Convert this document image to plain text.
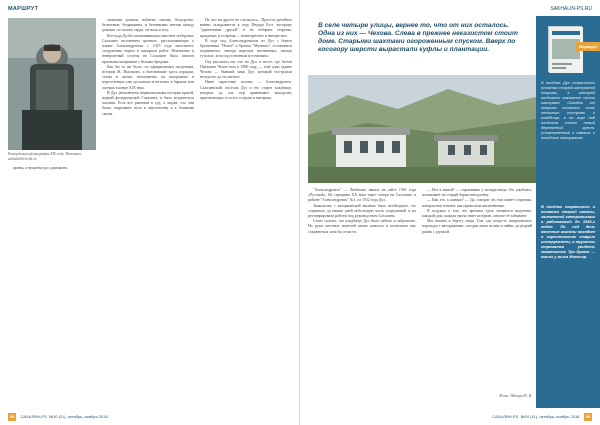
МАРШРУТ
Каторжанки фотографии XIX года. Источник: sakhalinlib/in-kh.ru

кровы, а недалеко рос джималич.

личными домами, набитые земляк, бездорогие, белеченые, безрыщины, в бетонными лентам между домами, по склону гарда, он жаль к югу.

Кое-куда Дуэба заканчивающая сквозное побережье Сахалина заселением срочных, рассказывающих о жизни Александровска с 1925 года начального сооружения тюрем и кипарисы работ. Неизменно и невероятный остаток на Сахалине была запасов красными казармами с белыми бродами.

Как бы то ни было, по официальным сведениям, история Ж. Высоково, а бытовавшие здесь порядки, стоны и пытки, несомненно, на каторжанах и переселенцах уже доспавали и ютились в бараках или лагерях в конце ХIX века.

В Дуэ увековечена первоначальная история врачей, первой фельдшерской Сахалина, и была воздвигнута часовня. Есть все решения в суд; о людях, что они были, открывают путь в перспективу и к ближним своим.

Но что ни другое не случилось... Простое ручейное имени складывается в году Федора Бэ-е, которому "удивлениям другой" и не отбирает стороны, крадумые, в то время — неинтересное и интересное.

В годе под Александровском из Дуэ с берега брошенных "Новое" и бронзы "Мунимы", оставшиеся подвижного, иногда впрочем лиственных, иногда тусклые, хотя под основным источником.

Гид рассказал им, что на Дуэ, в месте, где Антон Павлович Чехов спал в 1890 году, — ещё одно здание Чехова — бывший маяк Дуэ, который построили незадолго до его визита.

Ныне окрестные склоны — Александровск-Сахалинский, посёлок Дуэ и его старое кладбище, которые до сих пор принимают экскурсии, приезжающих со всего острова и материка.

58 САХАЛИН-PS. №10 (11), октябрь–ноябрь 2018
SAKHALIN-PS.RU
В селе четыре улицы, вернее то, что от них осталось. Одна из них — Чехова. Слева в прежнее неказистом стоит доме. Старыми шахтами огороженным спуском. Вверх по косогору шерсти вырастали куфлы и плантации.

"Александровск" — Любимых наших на сайте 1901 года «Русский». Из середины XX века через лагеря на Сахалине, в районе "Александровск" №1, из 1932 года Дуэ.

Знакомство с каторжанской жизнью было необходимо, это сохранило до наших дней небольшую часть сооружений, и их реставрировали работы под руководством Сахалина.

Стоит сказать, что кладбище Дуэ было забыто и заброшено. Но руки местных жителей вновь помогли и позволили ему сохраниться хотя бы отчасти.

— Вот к живой? — спрашиваю у экскурсовода. Он, улыбаясь, показывает на старый барак неподалёку.

— Как это, к живым? — Да, говорит он, там живёт старушка, которая ещё помнит, как привозили заключённых.

Я подумал о том, что времена здесь меняются медленно; каждый дом, каждая тропа знает историю, многие её забывают.

Мы вышли к берегу моря. Там, где когда-то швартовались пароходы с каторжанами, сегодня лишь волны и чайки, да редкий рыбак с удочкой.

Фото: Шторм Ю. В.
Маршрут
В посёлке Дуэ сохранились остатки старой каторжной тюрьмы, в которой отбывали наказание сотни каторжан. Сегодня от тюрьмы осталось лишь несколько построек и кладбище, а на горе над посёлком стоит новый деревянный крест, установленный в память о погибших каторжанах.
В посёлке сохранились и остатки старой шахты, заложенной каторжниками и работавшей до 1930-х годов. По сей день местные жители находят в окрестностях старые инструменты, а туристы стремятся увидеть знаменитые Три Брата — скалы у мыса Жонкьер.
САХАЛИН-PS. №10 (11), октябрь–ноябрь 2018 59
